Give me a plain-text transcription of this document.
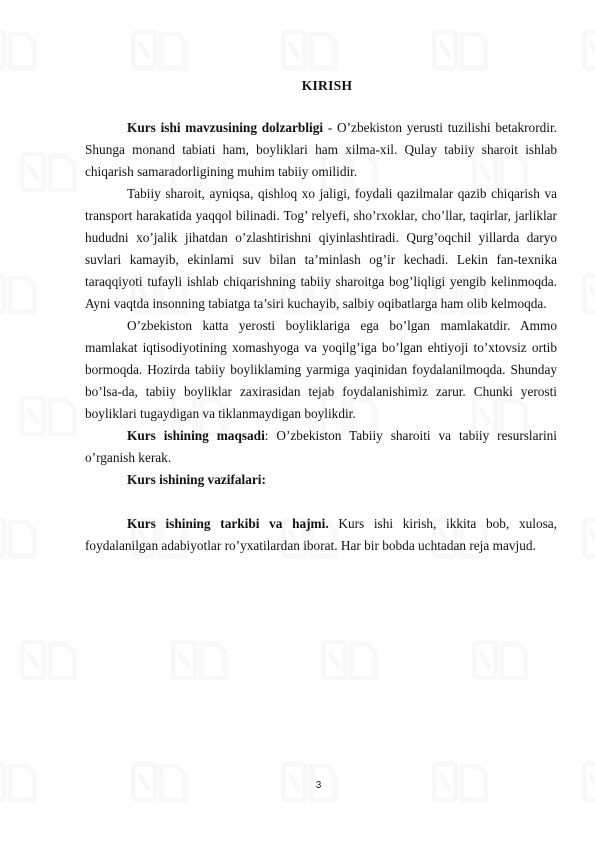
KIRISH

Kurs ishi mavzusining dolzarbligi - O’zbekiston yerusti tuzilishi betakrordir. Shunga monand tabiati ham, boyliklari ham xilma-xil. Qulay tabiiy sharoit ishlab chiqarish samaradorligining muhim tabiiy omilidir.

Tabiiy sharoit, ayniqsa, qishloq xo jaligi, foydali qazilmalar qazib chiqarish va transport harakatida yaqqol bilinadi. Tog’ relyefi, sho’rxoklar, cho’llar, taqirlar, jarliklar hududni xo’jalik jihatdan o’zlashtirishni qiyinlashtiradi. Qurg’oqchil yillarda daryo suvlari kamayib, ekinlami suv bilan ta’minlash og’ir kechadi. Lekin fan-texnika taraqqiyoti tufayli ishlab chiqarishning tabiiy sharoitga bog’liqligi yengib kelinmoqda. Ayni vaqtda insonning tabiatga ta’siri kuchayib, salbiy oqibatlarga ham olib kelmoqda.

O’zbekiston katta yerosti boyliklariga ega bo’lgan mamlakatdir. Ammo mamlakat iqtisodiyotining xomashyoga va yoqilg’iga bo’lgan ehtiyoji to’xtovsiz ortib bormoqda. Hozirda tabiiy boyliklaming yarmiga yaqinidan foydalanilmoqda. Shunday bo’lsa-da, tabiiy boyliklar zaxirasidan tejab foydalanishimiz zarur. Chunki yerosti boyliklari tugaydigan va tiklanmaydigan boylikdir.

Kurs ishining maqsadi: O’zbekiston Tabiiy sharoiti va tabiiy resurslarini o’rganish kerak.

Kurs ishining vazifalari:

Kurs ishining tarkibi va hajmi. Kurs ishi kirish, ikkita bob, xulosa, foydalanilgan adabiyotlar ro’yxatilardan iborat. Har bir bobda uchtadan reja mavjud.

3
